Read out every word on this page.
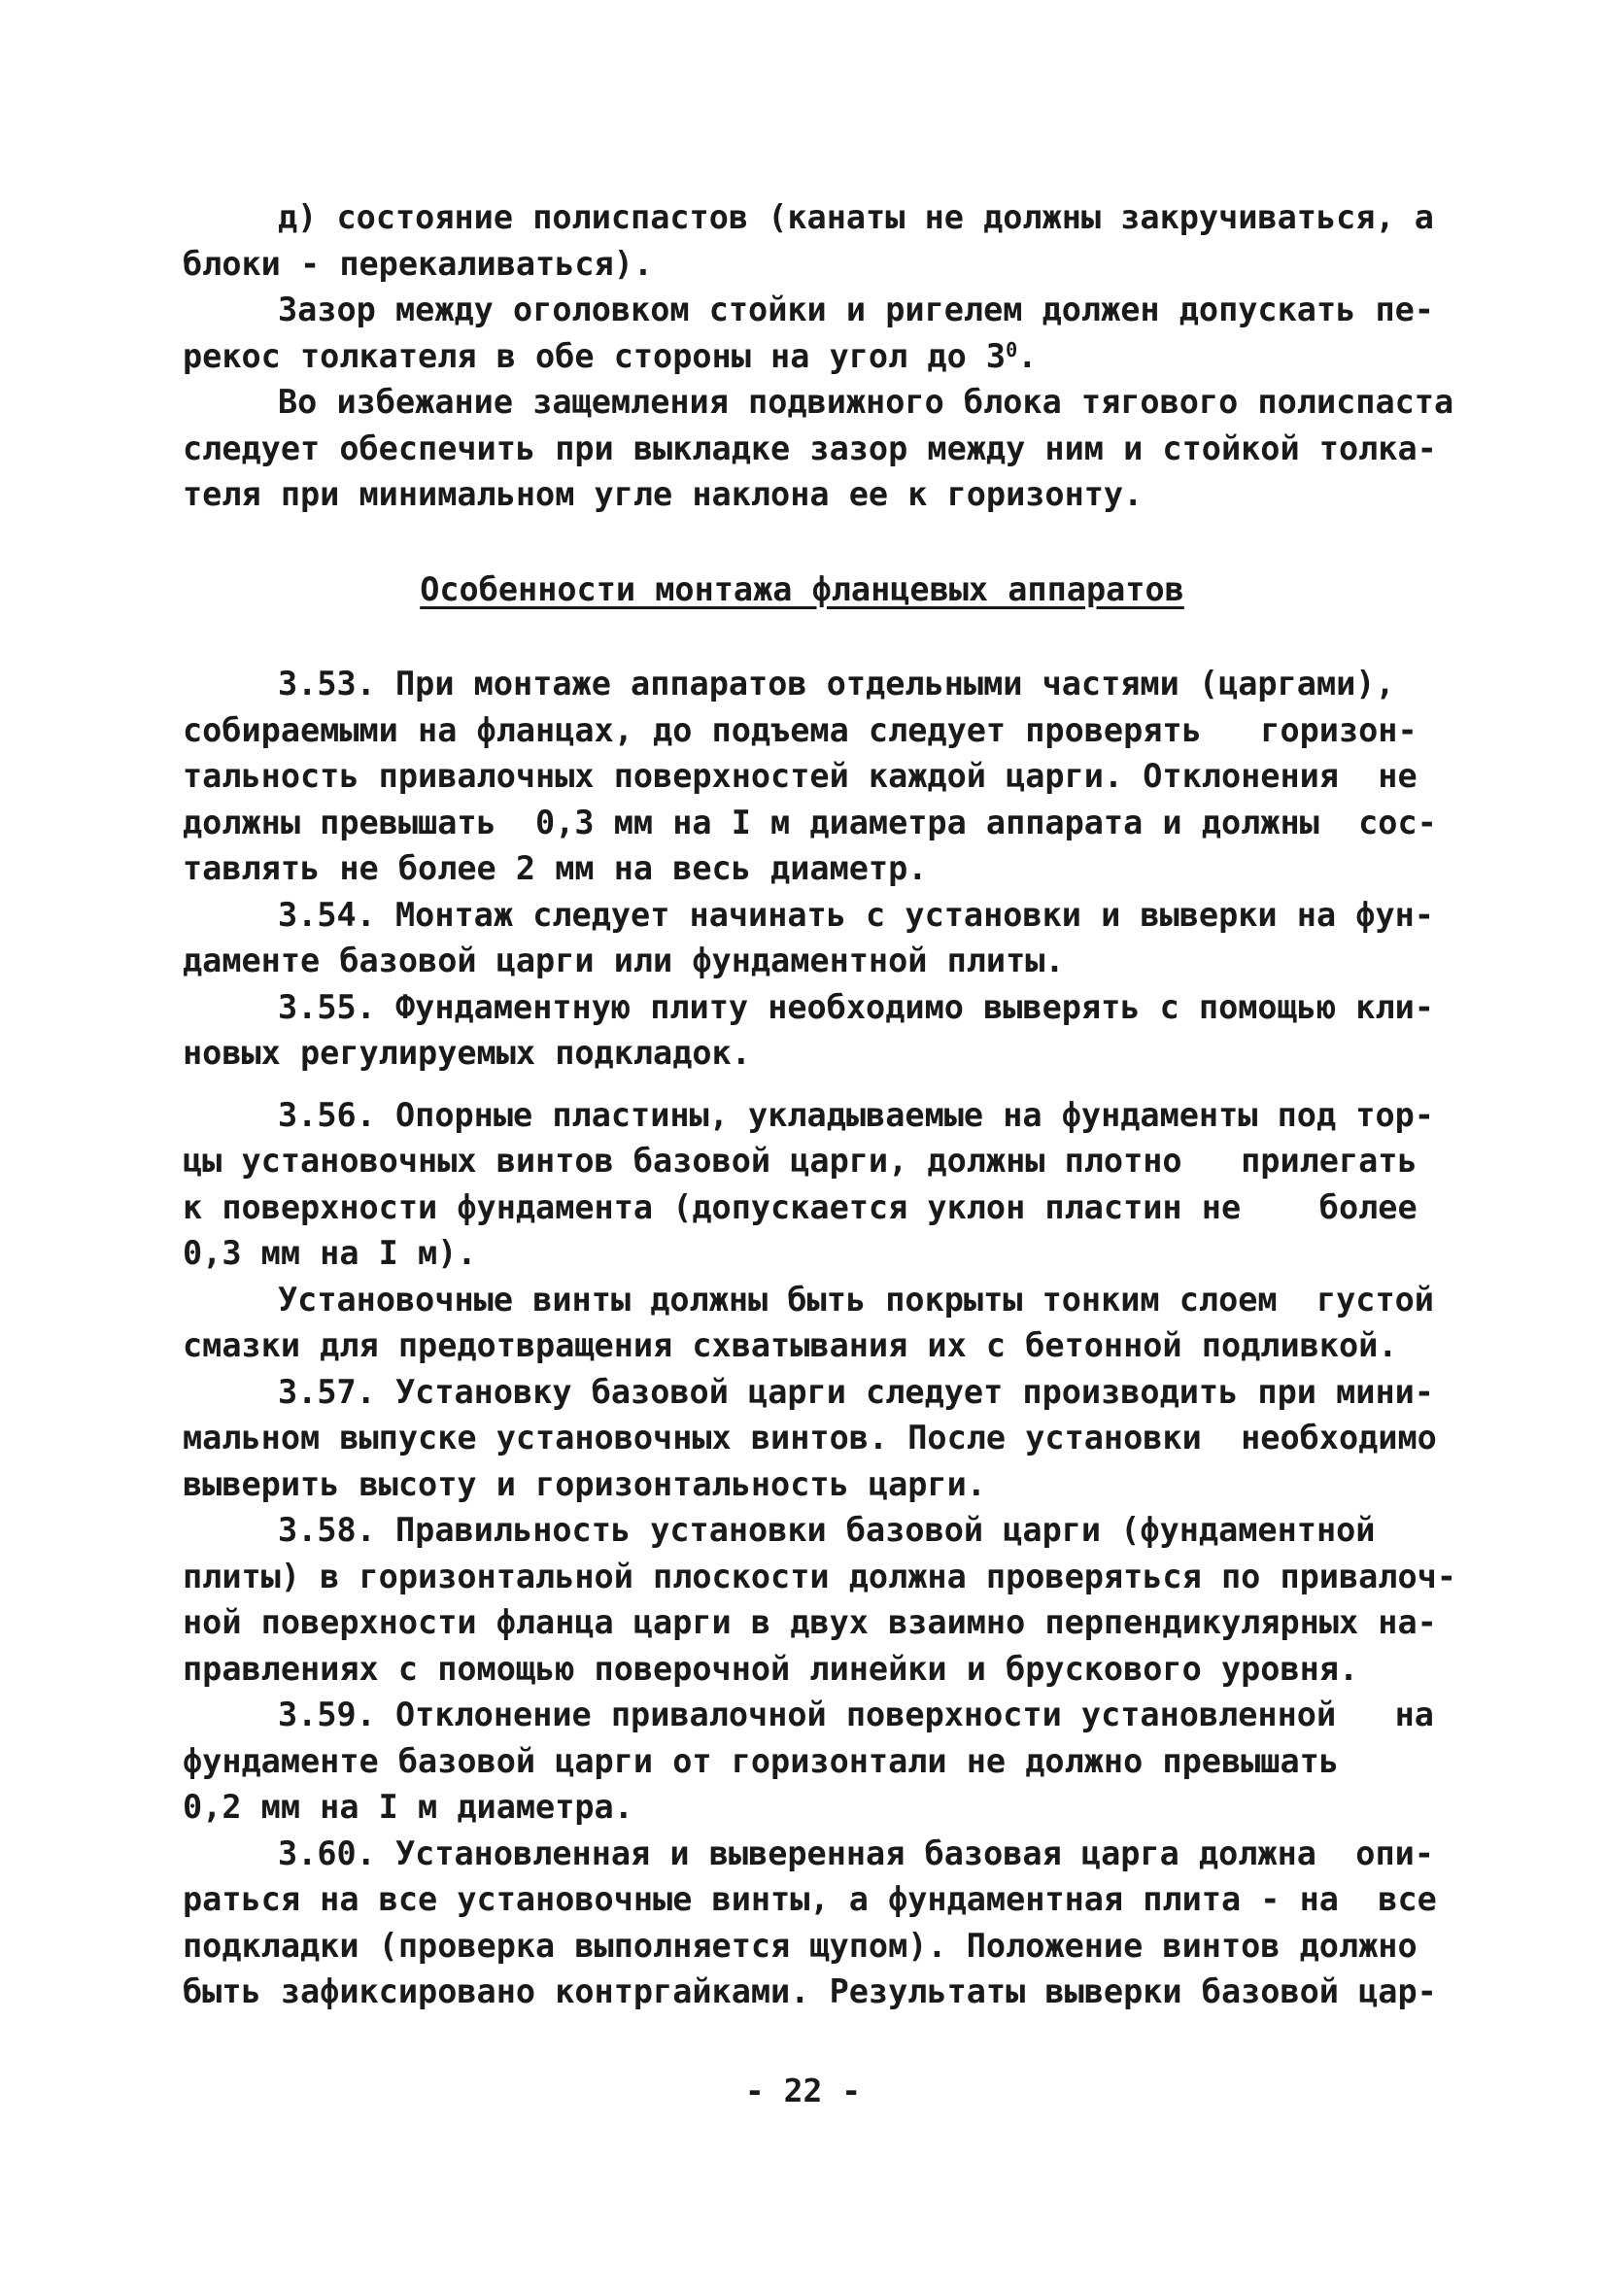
д) состояние полиспастов (канаты не должны закручиваться, а
блоки - перекаливаться).
Зазор между оголовком стойки и ригелем должен допускать пе-
рекос толкателя в обе стороны на угол до $3^0$.
Во избежание защемления подвижного блока тягового полиспаста
следует обеспечить при выкладке зазор между ним и стойкой толка-
теля при минимальном угле наклона ее к горизонту.
Особенности монтажа фланцевых аппаратов
3.53. При монтаже аппаратов отдельными частями (царгами),
собираемыми на фланцах, до подъема следует проверять   горизон-
тальность привалочных поверхностей каждой царги. Отклонения  не
должны превышать  0,3 мм на I м диаметра аппарата и должны  сос-
тавлять не более 2 мм на весь диаметр.
3.54. Монтаж следует начинать с установки и выверки на фун-
даменте базовой царги или фундаментной плиты.
3.55. Фундаментную плиту необходимо выверять с помощью кли-
новых регулируемых подкладок.
3.56. Опорные пластины, укладываемые на фундаменты под тор-
цы установочных винтов базовой царги, должны плотно   прилегать
к поверхности фундамента (допускается уклон пластин не    более
0,3 мм на I м).
Установочные винты должны быть покрыты тонким слоем  густой
смазки для предотвращения схватывания их с бетонной подливкой.
3.57. Установку базовой царги следует производить при мини-
мальном выпуске установочных винтов. После установки  необходимо
выверить высоту и горизонтальность царги.
3.58. Правильность установки базовой царги (фундаментной
плиты) в горизонтальной плоскости должна проверяться по привалоч-
ной поверхности фланца царги в двух взаимно перпендикулярных на-
правлениях с помощью поверочной линейки и брускового уровня.
3.59. Отклонение привалочной поверхности установленной   на
фундаменте базовой царги от горизонтали не должно превышать
0,2 мм на I м диаметра.
3.60. Установленная и выверенная базовая царга должна  опи-
раться на все установочные винты, а фундаментная плита - на  все
подкладки (проверка выполняется щупом). Положение винтов должно
быть зафиксировано контргайками. Результаты выверки базовой цар-
- 22 -
